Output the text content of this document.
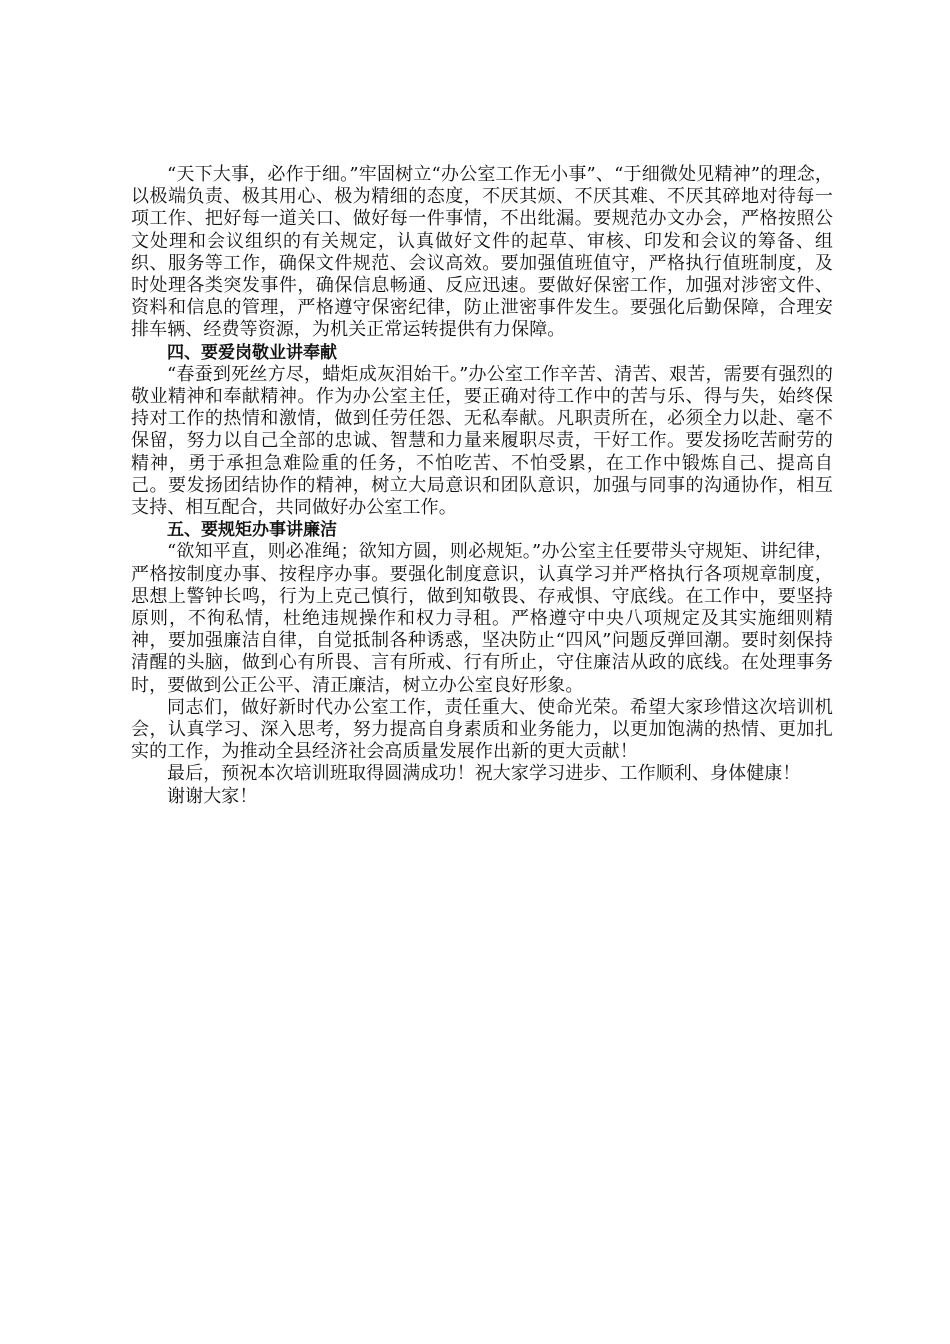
“天下大事，必作于细。”牢固树立“办公室工作无小事”、“于细微处见精神”的理念，以极端负责、极其用心、极为精细的态度，不厌其烦、不厌其难、不厌其碎地对待每一项工作、把好每一道关口、做好每一件事情，不出纰漏。要规范办文办会，严格按照公文处理和会议组织的有关规定，认真做好文件的起草、审核、印发和会议的筹备、组织、服务等工作，确保文件规范、会议高效。要加强值班值守，严格执行值班制度，及时处理各类突发事件，确保信息畅通、反应迅速。要做好保密工作，加强对涉密文件、资料和信息的管理，严格遵守保密纪律，防止泄密事件发生。要强化后勤保障，合理安排车辆、经费等资源，为机关正常运转提供有力保障。

四、要爱岗敬业讲奉献

“春蚕到死丝方尽，蜡炬成灰泪始干。”办公室工作辛苦、清苦、艰苦，需要有强烈的敬业精神和奉献精神。作为办公室主任，要正确对待工作中的苦与乐、得与失，始终保持对工作的热情和激情，做到任劳任怨、无私奉献。凡职责所在，必须全力以赴、毫不保留，努力以自己全部的忠诚、智慧和力量来履职尽责，干好工作。要发扬吃苦耐劳的精神，勇于承担急难险重的任务，不怕吃苦、不怕受累，在工作中锻炼自己、提高自己。要发扬团结协作的精神，树立大局意识和团队意识，加强与同事的沟通协作，相互支持、相互配合，共同做好办公室工作。

五、要规矩办事讲廉洁

“欲知平直，则必准绳；欲知方圆，则必规矩。”办公室主任要带头守规矩、讲纪律，严格按制度办事、按程序办事。要强化制度意识，认真学习并严格执行各项规章制度，思想上警钟长鸣，行为上克己慎行，做到知敬畏、存戒惧、守底线。在工作中，要坚持原则，不徇私情，杜绝违规操作和权力寻租。严格遵守中央八项规定及其实施细则精神，要加强廉洁自律，自觉抵制各种诱惑，坚决防止“四风”问题反弹回潮。要时刻保持清醒的头脑，做到心有所畏、言有所戒、行有所止，守住廉洁从政的底线。在处理事务时，要做到公正公平、清正廉洁，树立办公室良好形象。

同志们，做好新时代办公室工作，责任重大、使命光荣。希望大家珍惜这次培训机会，认真学习、深入思考，努力提高自身素质和业务能力，以更加饱满的热情、更加扎实的工作，为推动全县经济社会高质量发展作出新的更大贡献！

最后，预祝本次培训班取得圆满成功！祝大家学习进步、工作顺利、身体健康！

谢谢大家！
